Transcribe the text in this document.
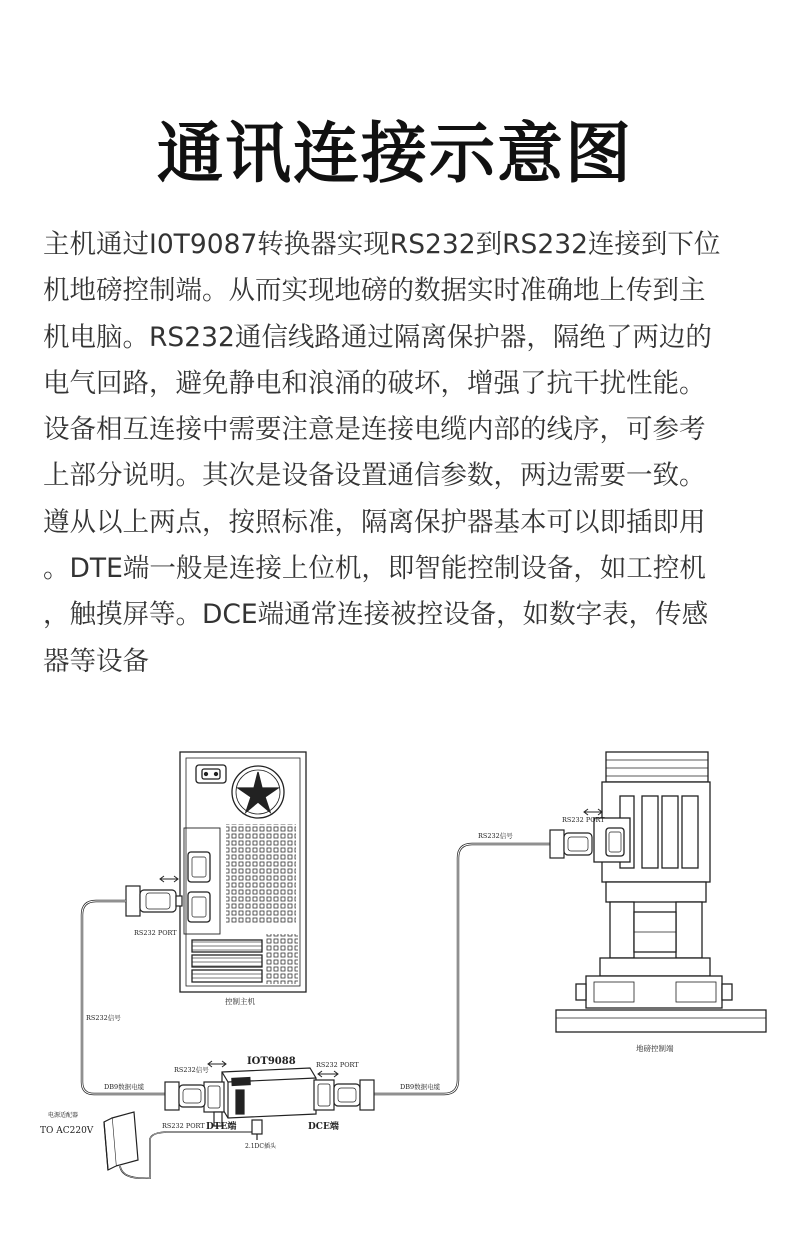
通讯连接示意图
主机通过I0T9087转换器实现RS232到RS232连接到下位
机地磅控制端。从而实现地磅的数据实时准确地上传到主
机电脑。RS232通信线路通过隔离保护器，隔绝了两边的
电气回路，避免静电和浪涌的破坏，增强了抗干扰性能。
设备相互连接中需要注意是连接电缆内部的线序，可参考
上部分说明。其次是设备设置通信参数，两边需要一致。
遵从以上两点，按照标准，隔离保护器基本可以即插即用
。DTE端一般是连接上位机，即智能控制设备，如工控机
，触摸屏等。DCE端通常连接被控设备，如数字表，传感
器等设备
RS232 PORT
控制主机
RS232信号
DB9数据电缆	DB9数据电缆
RS232信号
电源适配器
TO AC220V
IOT9088
RS232信号
RS232 PORT
UTEK
RS232 PORT DTE端	DCE端
2.1DC插头
RS232 PORT
地磅控制端
